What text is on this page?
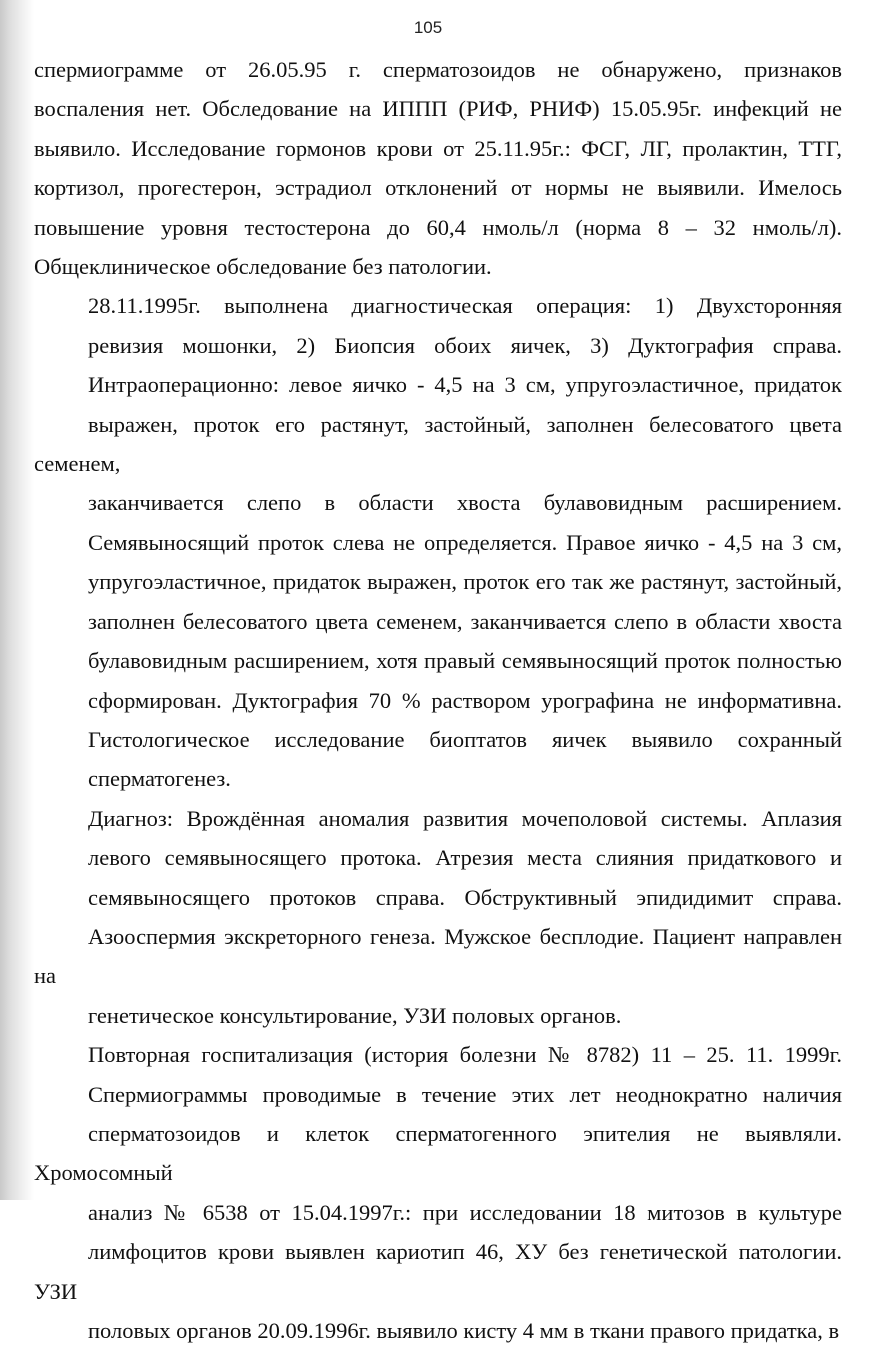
105

спермиограмме от 26.05.95 г. сперматозоидов не обнаружено, признаков
воспаления нет. Обследование на ИППП (РИФ, РНИФ) 15.05.95г. инфекций не
выявило. Исследование гормонов крови от 25.11.95г.: ФСГ, ЛГ, пролактин, ТТГ,
кортизол, прогестерон, эстрадиол отклонений от нормы не выявили. Имелось
повышение уровня тестостерона до 60,4 нмоль/л (норма 8 – 32 нмоль/л).
Общеклиническое обследование без патологии.

28.11.1995г. выполнена диагностическая операция: 1) Двухсторонняя
ревизия мошонки, 2) Биопсия обоих яичек, 3) Дуктография справа.
Интраоперационно: левое яичко - 4,5 на 3 см, упругоэластичное, придаток
выражен, проток его растянут, застойный, заполнен белесоватого цвета семенем,
заканчивается слепо в области хвоста булавовидным расширением.
Семявыносящий проток слева не определяется. Правое яичко - 4,5 на 3 см,
упругоэластичное, придаток выражен, проток его так же растянут, застойный,
заполнен белесоватого цвета семенем, заканчивается слепо в области хвоста
булавовидным расширением, хотя правый семявыносящий проток полностью
сформирован. Дуктография 70 % раствором урографина не информативна.
Гистологическое исследование биоптатов яичек выявило сохранный
сперматогенез.

Диагноз: Врождённая аномалия развития мочеполовой системы. Аплазия
левого семявыносящего протока. Атрезия места слияния придаткового и
семявыносящего протоков справа. Обструктивный эпидидимит справа.
Азооспермия экскреторного генеза. Мужское бесплодие. Пациент направлен на
генетическое консультирование, УЗИ половых органов.

Повторная госпитализация (история болезни № 8782) 11 – 25. 11. 1999г.
Спермиограммы проводимые в течение этих лет неоднократно наличия
сперматозоидов и клеток сперматогенного эпителия не выявляли. Хромосомный
анализ № 6538 от 15.04.1997г.: при исследовании 18 митозов в культуре
лимфоцитов крови выявлен кариотип 46, ХУ без генетической патологии. УЗИ
половых органов 20.09.1996г. выявило кисту 4 мм в ткани правого придатка, в
